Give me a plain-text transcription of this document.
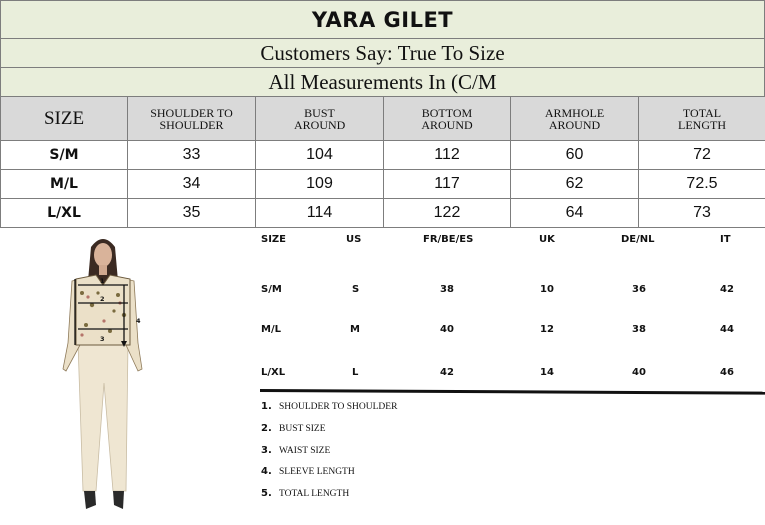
YARA GILET
Customers Say: True To Size
All Measurements In (C/M
SIZE	SHOULDER TO SHOULDER	BUST AROUND	BOTTOM AROUND	ARMHOLE AROUND	TOTAL LENGTH
S/M	33	104	112	60	72
M/L	34	109	117	62	72.5
L/XL	35	114	122	64	73
1
2
3
4
SIZE	US	FR/BE/ES	UK	DE/NL	IT
S/M	S	38	10	36	42
M/L	M	40	12	38	44
L/XL	L	42	14	40	46
1. SHOULDER TO SHOULDER
2. BUST SIZE
3. WAIST SIZE
4. SLEEVE LENGTH
5. TOTAL LENGTH
